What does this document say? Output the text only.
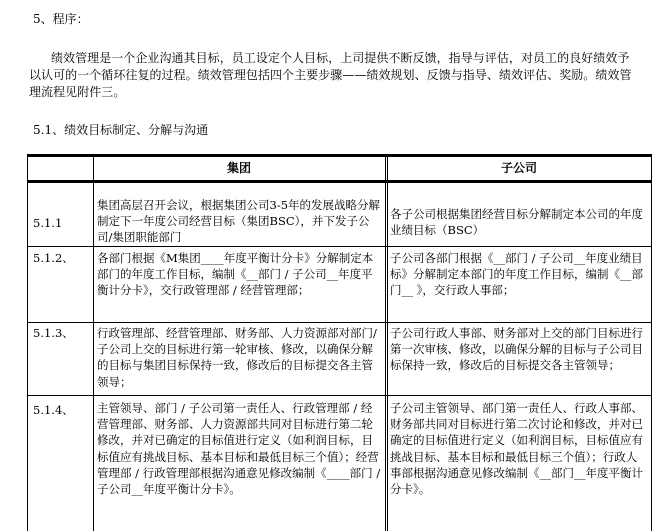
5、程序：
绩效管理是一个企业沟通其目标，员工设定个人目标，上司提供不断反馈，指导与评估，对员工的良好绩效予以认可的一个循环往复的过程。绩效管理包括四个主要步骤——绩效规划、反馈与指导、绩效评估、奖励。绩效管理流程见附件三。
5.1、绩效目标制定、分解与沟通
集团	子公司
5.1.1
集团高层召开会议，根据集团公司3-5年的发展战略分解制定下一年度公司经营目标（集团BSC），并下发子公司/集团职能部门
各子公司根据集团经营目标分解制定本公司的年度业绩目标（BSC）
5.1.2、 各部门根据《M集团____年度平衡计分卡》分解制定本部门的年度工作目标，编制《__部门 / 子公司__年度平衡计分卡》，交行政管理部 / 经营管理部；
子公司各部门根据《__部门 / 子公司__年度业绩目标》分解制定本部门的年度工作目标，编制《__部门__ 》，交行政人事部；
5.1.3、 行政管理部、经营管理部、财务部、人力资源部对部门/子公司上交的目标进行第一轮审核、修改，以确保分解的目标与集团目标保持一致，修改后的目标提交各主管领导；
子公司行政人事部、财务部对上交的部门目标进行第一次审核、修改，以确保分解的目标与子公司目标保持一致，修改后的目标提交各主管领导；
5.1.4、 主管领导、部门 / 子公司第一责任人、行政管理部 / 经营管理部、财务部、人力资源部共同对目标进行第二轮修改，并对已确定的目标值进行定义（如利润目标，目标值应有挑战目标、基本目标和最低目标三个值）；经营管理部 / 行政管理部根据沟通意见修改编制《____部门 / 子公司__年度平衡计分卡》。
子公司主管领导、部门第一责任人、行政人事部、财务部共同对目标进行第二次讨论和修改，并对已确定的目标值进行定义（如利润目标，目标值应有挑战目标、基本目标和最低目标三个值）；行政人事部根据沟通意见修改编制《__部门__年度平衡计分卡》。
